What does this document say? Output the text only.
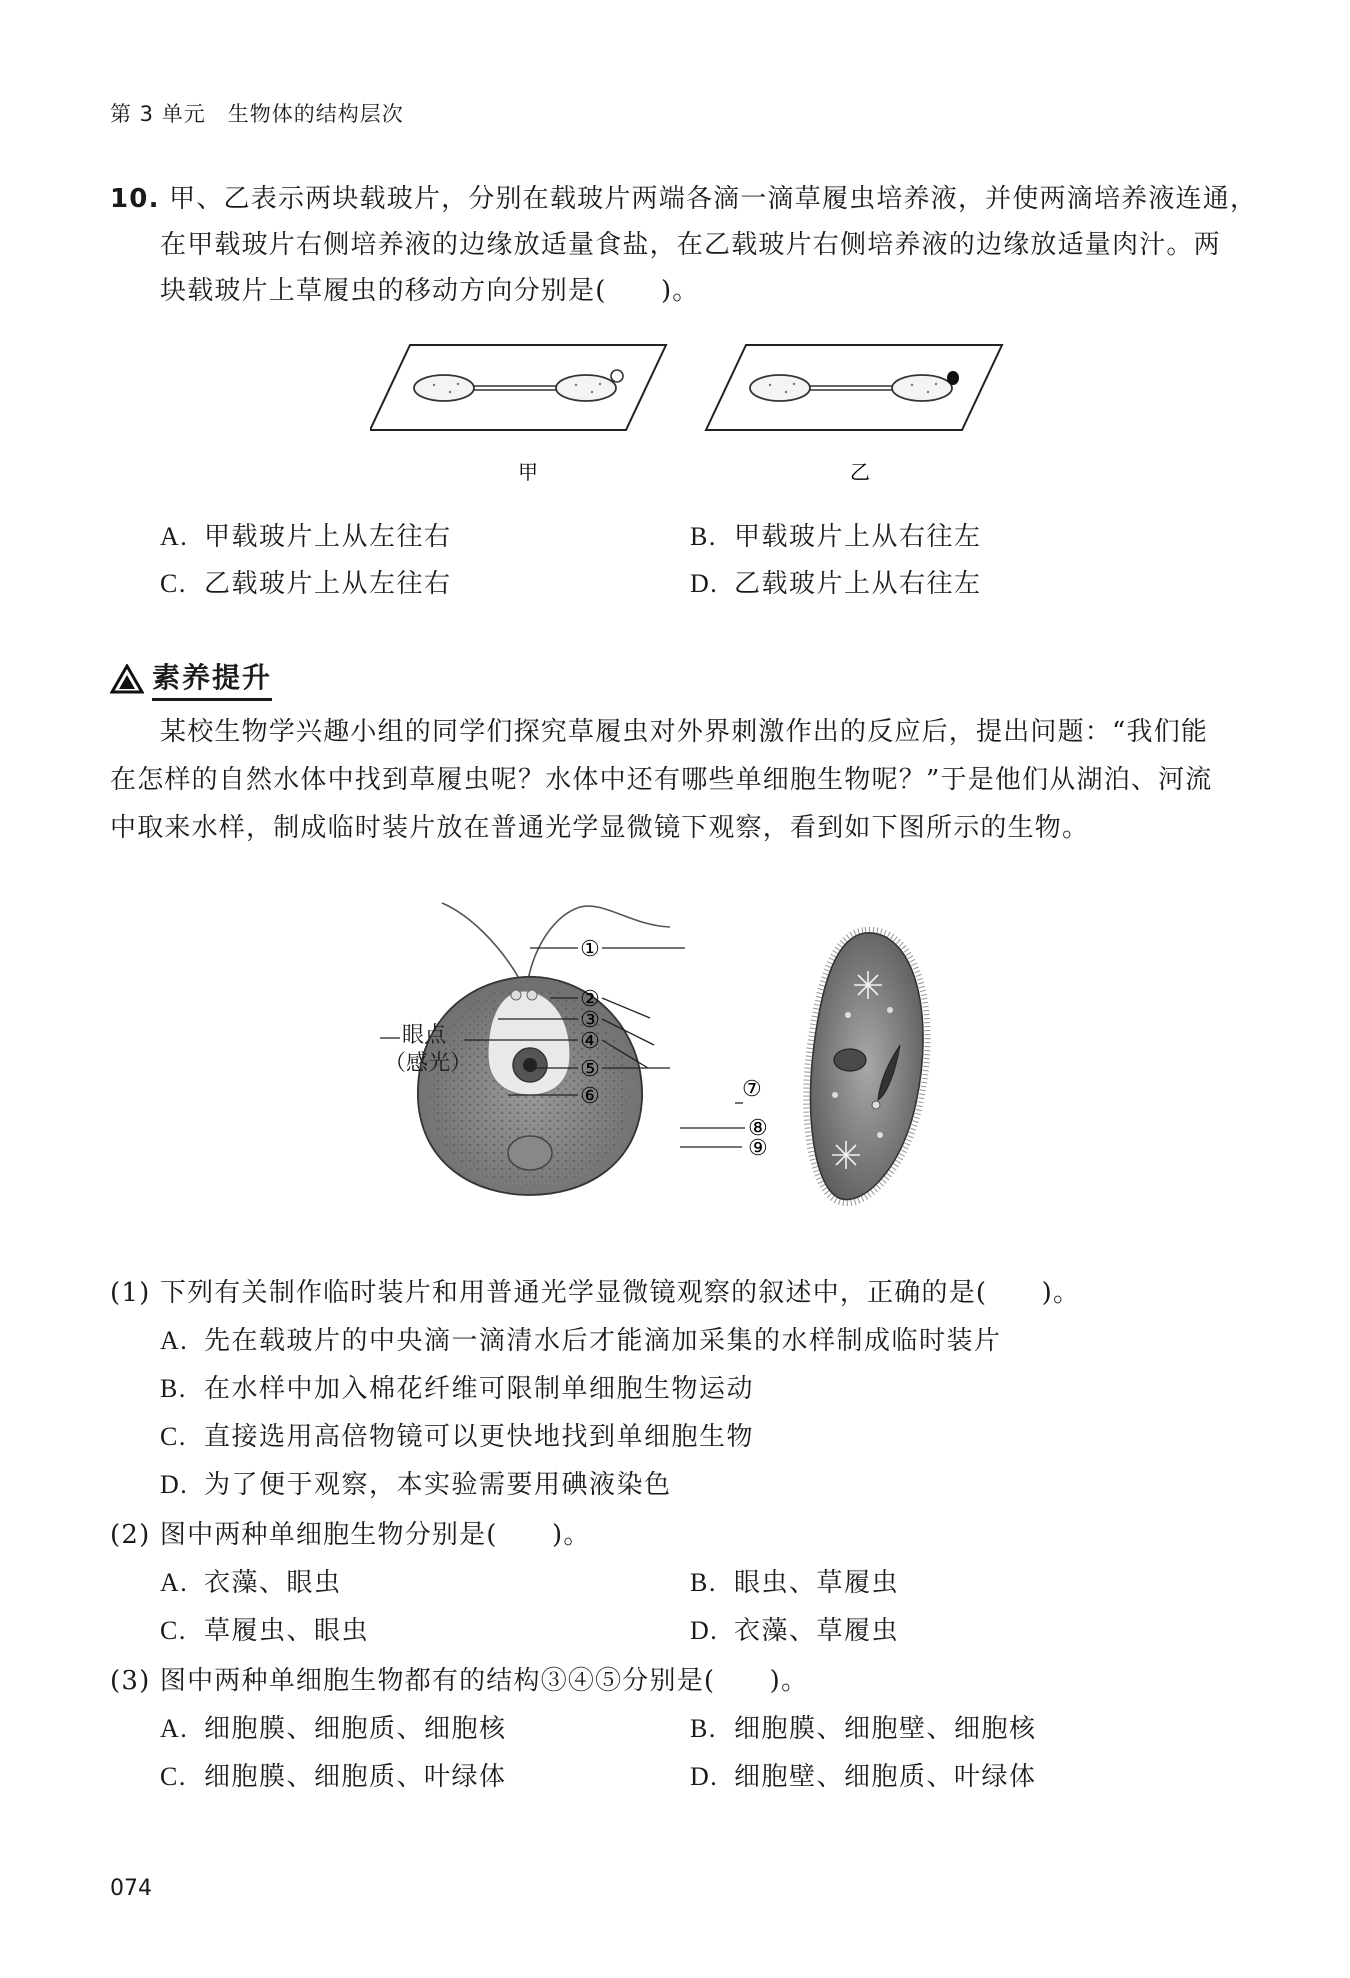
第 3 单元　生物体的结构层次
10. 甲、乙表示两块载玻片，分别在载玻片两端各滴一滴草履虫培养液，并使两滴培养液连通，
在甲载玻片右侧培养液的边缘放适量食盐，在乙载玻片右侧培养液的边缘放适量肉汁。两
块载玻片上草履虫的移动方向分别是(　　)。
甲	乙
A. 甲载玻片上从左往右	B. 甲载玻片上从右往左
C. 乙载玻片上从左往右	D. 乙载玻片上从右往左
素养提升
某校生物学兴趣小组的同学们探究草履虫对外界刺激作出的反应后，提出问题：“我们能
在怎样的自然水体中找到草履虫呢？水体中还有哪些单细胞生物呢？”于是他们从湖泊、河流
中取来水样，制成临时装片放在普通光学显微镜下观察，看到如下图所示的生物。
①
②
③
④
⑤
⑥	⑦
⑧
⑨
眼点
（感光）
(1) 下列有关制作临时装片和用普通光学显微镜观察的叙述中，正确的是(　　)。
A. 先在载玻片的中央滴一滴清水后才能滴加采集的水样制成临时装片
B. 在水样中加入棉花纤维可限制单细胞生物运动
C. 直接选用高倍物镜可以更快地找到单细胞生物
D. 为了便于观察，本实验需要用碘液染色
(2) 图中两种单细胞生物分别是(　　)。
A. 衣藻、眼虫	B. 眼虫、草履虫
C. 草履虫、眼虫	D. 衣藻、草履虫
(3) 图中两种单细胞生物都有的结构③④⑤分别是(　　)。
A. 细胞膜、细胞质、细胞核	B. 细胞膜、细胞壁、细胞核
C. 细胞膜、细胞质、叶绿体	D. 细胞壁、细胞质、叶绿体
074
